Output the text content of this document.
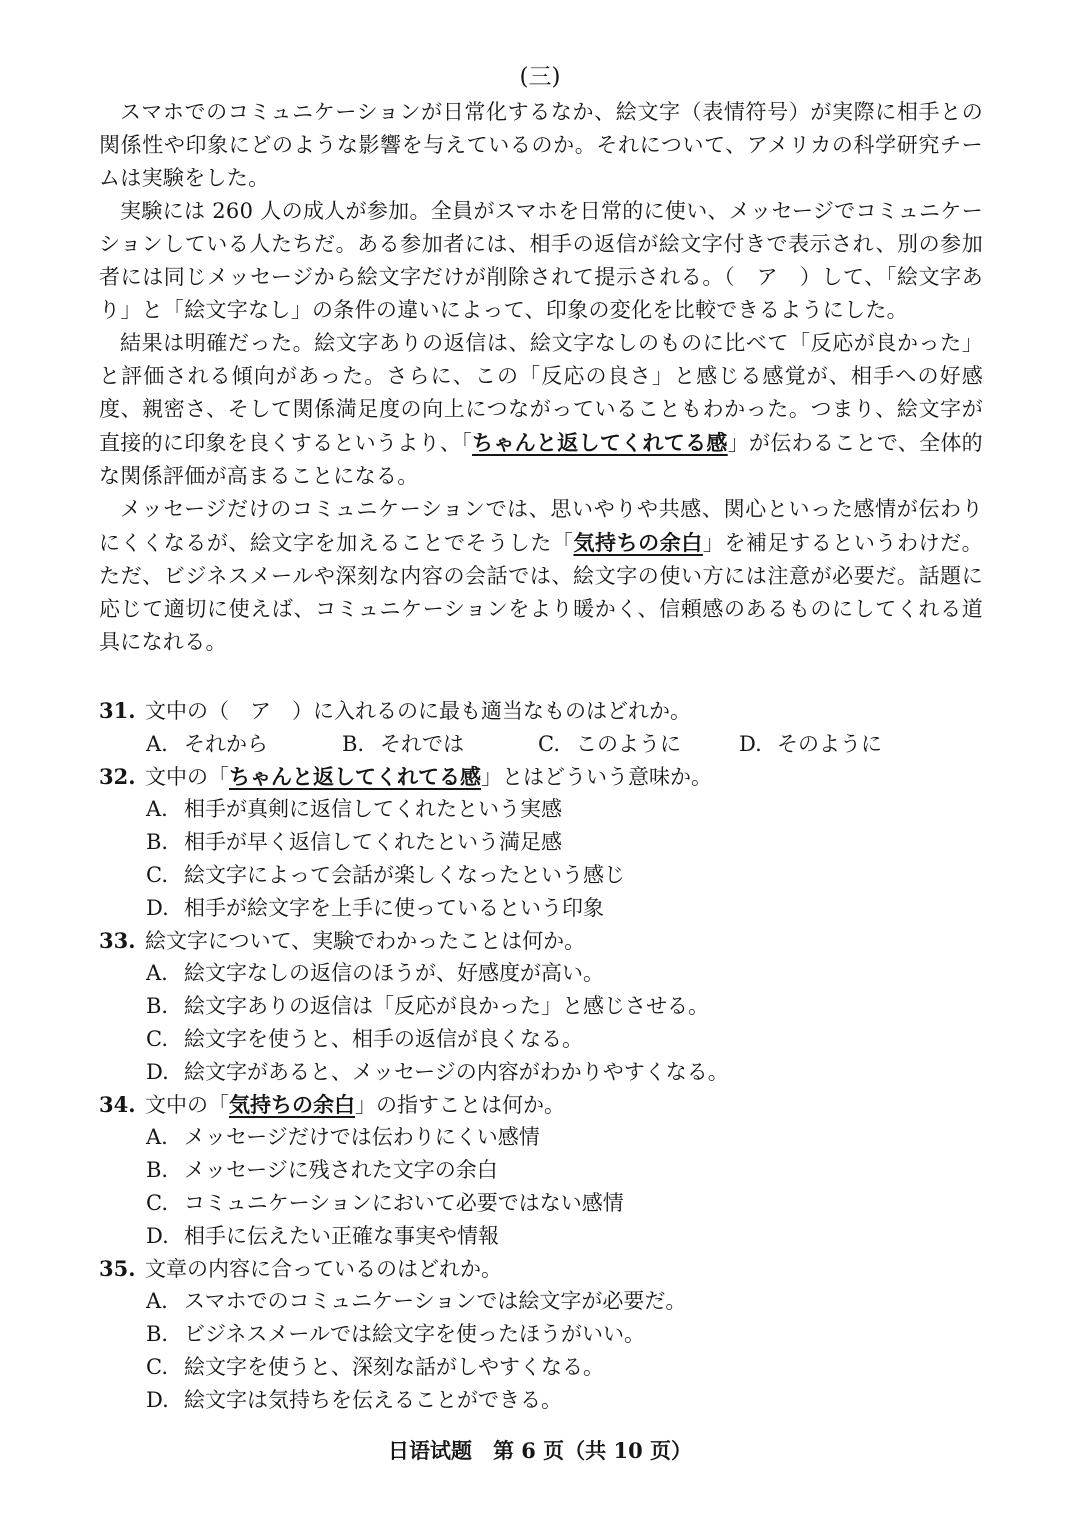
(三)

スマホでのコミュニケーションが日常化するなか、絵文字（表情符号）が実際に相手との関係性や印象にどのような影響を与えているのか。それについて、アメリカの科学研究チームは実験をした。

実験には 260 人の成人が参加。全員がスマホを日常的に使い、メッセージでコミュニケーションしている人たちだ。ある参加者には、相手の返信が絵文字付きで表示され、別の参加者には同じメッセージから絵文字だけが削除されて提示される。（　ア　）して、「絵文字あり」と「絵文字なし」の条件の違いによって、印象の変化を比較できるようにした。

結果は明確だった。絵文字ありの返信は、絵文字なしのものに比べて「反応が良かった」と評価される傾向があった。さらに、この「反応の良さ」と感じる感覚が、相手への好感度、親密さ、そして関係満足度の向上につながっていることもわかった。つまり、絵文字が直接的に印象を良くするというより、「ちゃんと返してくれてる感」が伝わることで、全体的な関係評価が高まることになる。

メッセージだけのコミュニケーションでは、思いやりや共感、関心といった感情が伝わりにくくなるが、絵文字を加えることでそうした「気持ちの余白」を補足するというわけだ。ただ、ビジネスメールや深刻な内容の会話では、絵文字の使い方には注意が必要だ。話題に応じて適切に使えば、コミュニケーションをより暖かく、信頼感のあるものにしてくれる道具になれる。

31. 文中の（　ア　）に入れるのに最も適当なものはどれか。
A. それから	B. それでは	C. このように	D. そのように
32. 文中の「ちゃんと返してくれてる感」とはどういう意味か。
A. 相手が真剣に返信してくれたという実感
B. 相手が早く返信してくれたという満足感
C. 絵文字によって会話が楽しくなったという感じ
D. 相手が絵文字を上手に使っているという印象
33. 絵文字について、実験でわかったことは何か。
A. 絵文字なしの返信のほうが、好感度が高い。
B. 絵文字ありの返信は「反応が良かった」と感じさせる。
C. 絵文字を使うと、相手の返信が良くなる。
D. 絵文字があると、メッセージの内容がわかりやすくなる。
34. 文中の「気持ちの余白」の指すことは何か。
A. メッセージだけでは伝わりにくい感情
B. メッセージに残された文字の余白
C. コミュニケーションにおいて必要ではない感情
D. 相手に伝えたい正確な事実や情報
35. 文章の内容に合っているのはどれか。
A. スマホでのコミュニケーションでは絵文字が必要だ。
B. ビジネスメールでは絵文字を使ったほうがいい。
C. 絵文字を使うと、深刻な話がしやすくなる。
D. 絵文字は気持ちを伝えることができる。
日语试题　第 6 页（共 10 页）
